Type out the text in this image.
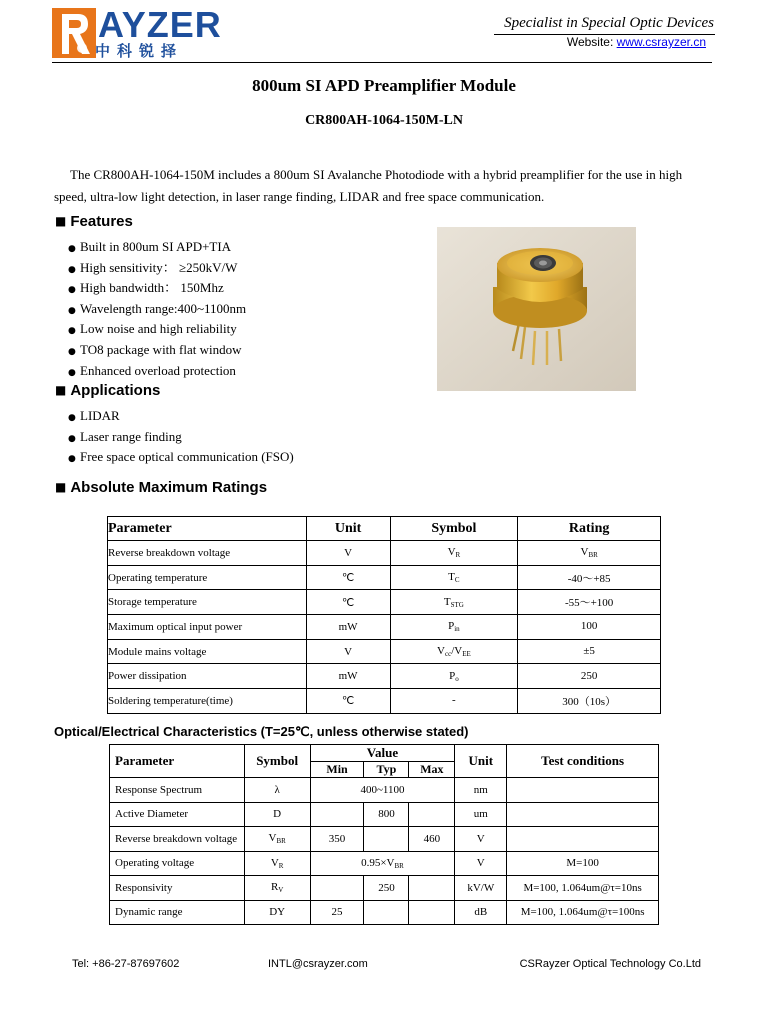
AYZER
中科锐择
Specialist in Special Optic Devices
Website: www.csrayzer.cn
800um SI APD Preamplifier Module
CR800AH-1064-150M-LN
The CR800AH-1064-150M includes a 800um SI Avalanche Photodiode with a hybrid preamplifier for the use in high speed, ultra-low light detection, in laser range finding, LIDAR and free space communication.
■ Features
● Built in 800um SI APD+TIA
● High sensitivity： ≥250kV/W
● High bandwidth： 150Mhz
● Wavelength range:400~1100nm
● Low noise and high reliability
● TO8 package with flat window
● Enhanced overload protection
■ Applications
● LIDAR
● Laser range finding
● Free space optical communication (FSO)
■ Absolute Maximum Ratings
Parameter	Unit	Symbol	Rating
Reverse breakdown voltage	V	$V_R$	$V_{BR}$
Operating temperature	℃	$T_C$	-40～+85
Storage temperature	℃	$T_{STG}$	-55～+100
Maximum optical input power	mW	$P_{in}$	100
Module mains voltage	V	$V_{cc}/V_{EE}$	±5
Power dissipation	mW	$P_o$	250
Soldering temperature(time)	℃	-	300（10s）
Optical/Electrical Characteristics (T=25℃, unless otherwise stated)
Parameter	Symbol	Value			Unit	Test conditions
		Min	Typ	Max		
Response Spectrum	λ	400~1100			nm	
Active Diameter	D		800		um	
Reverse breakdown voltage	$V_{BR}$	350		460	V	
Operating voltage	$V_R$	$0.95\times V_{BR}$			V	M=100
Responsivity	$R_V$		250		kV/W	M=100, 1.064um@τ=10ns
Dynamic range	DY	25			dB	M=100, 1.064um@τ=100ns
Tel: +86-27-87697602	INTL@csrayzer.com	CSRayzer Optical Technology Co.Ltd
